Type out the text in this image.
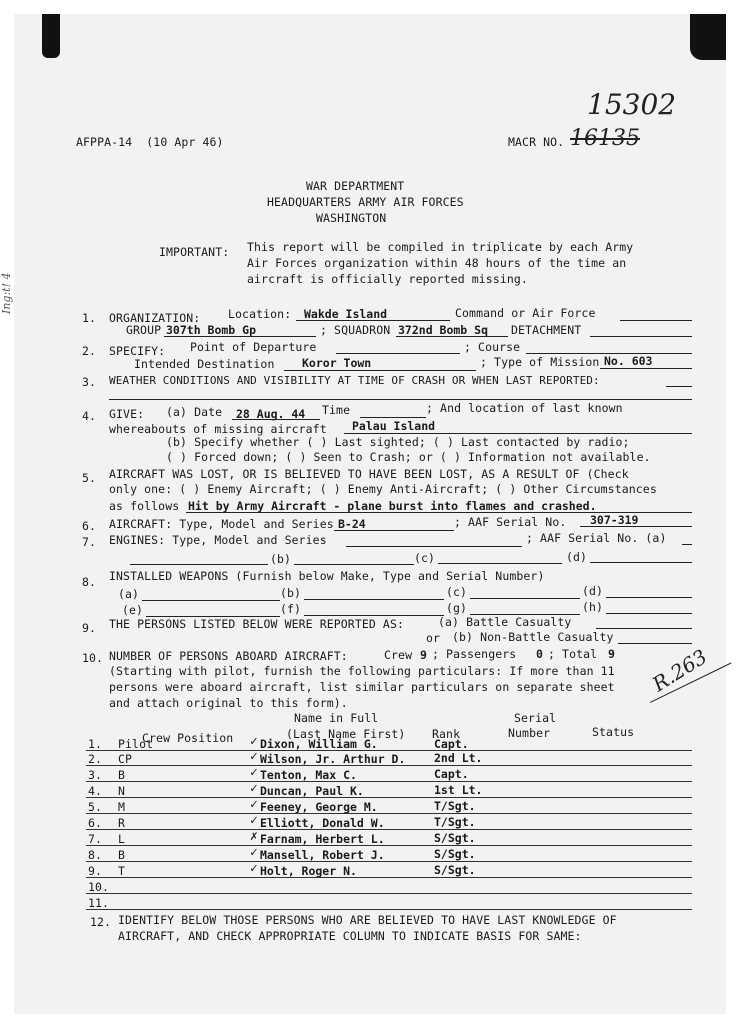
AFPPA-14 (10 Apr 46)
15302
MACR NO. 16135
Ing:t! 4
WAR DEPARTMENT
HEADQUARTERS ARMY AIR FORCES
WASHINGTON
IMPORTANT: This report will be compiled in triplicate by each Army
Air Forces organization within 48 hours of the time an
aircraft is officially reported missing.
1. ORGANIZATION: Location: Wakde Island	Command or Air Force
GROUP 307th Bomb Gp	; SQUADRON 372nd Bomb Sq DETACHMENT
2. SPECIFY: Point of Departure	; Course
Intended Destination Koror Town	; Type of Mission No. 603
3. WEATHER CONDITIONS AND VISIBILITY AT TIME OF CRASH OR WHEN LAST REPORTED:
4. GIVE: (a) Date 28 Aug. 44 Time	; And location of last known
whereabouts of missing aircraft Palau Island
(b) Specify whether ( ) Last sighted; ( ) Last contacted by radio;
( ) Forced down; ( ) Seen to Crash; or ( ) Information not available.
5. AIRCRAFT WAS LOST, OR IS BELIEVED TO HAVE BEEN LOST, AS A RESULT OF (Check
only one: ( ) Enemy Aircraft; ( ) Enemy Anti-Aircraft; ( ) Other Circumstances
as follows Hit by Army Aircraft - plane burst into flames and crashed.
6. AIRCRAFT: Type, Model and Series B-24	; AAF Serial No. 307-319
7. ENGINES: Type, Model and Series	; AAF Serial No. (a)
(b)	(c)	(d)
8. INSTALLED WEAPONS (Furnish below Make, Type and Serial Number)
(a)	(b)	(c)	(d)
(e)	(f)	(g)	(h)
9. THE PERSONS LISTED BELOW WERE REPORTED AS:	(a) Battle Casualty
or (b) Non-Battle Casualty
10. NUMBER OF PERSONS ABOARD AIRCRAFT:	Crew 9 ; Passengers 0 ; Total 9
(Starting with pilot, furnish the following particulars: If more than 11
persons were aboard aircraft, list similar particulars on separate sheet
and attach original to this form).
R.263
Name in Full	Serial
Crew Position	(Last Name First) Rank	Number	Status
1. Pilot	✓ Dixon, William G.	Capt.
2. CP	✓ Wilson, Jr. Arthur D. 2nd Lt.
3. B	✓ Tenton, Max C.	Capt.
4. N	✓ Duncan, Paul K.	1st Lt.
5. M	✓ Feeney, George M.	T/Sgt.
6. R	✓ Elliott, Donald W.	T/Sgt.
7. L	✗ Farnam, Herbert L.	S/Sgt.
8. B	✓ Mansell, Robert J.	S/Sgt.
9. T	✓ Holt, Roger N.	S/Sgt.
10.
11.
12. IDENTIFY BELOW THOSE PERSONS WHO ARE BELIEVED TO HAVE LAST KNOWLEDGE OF
AIRCRAFT, AND CHECK APPROPRIATE COLUMN TO INDICATE BASIS FOR SAME:
